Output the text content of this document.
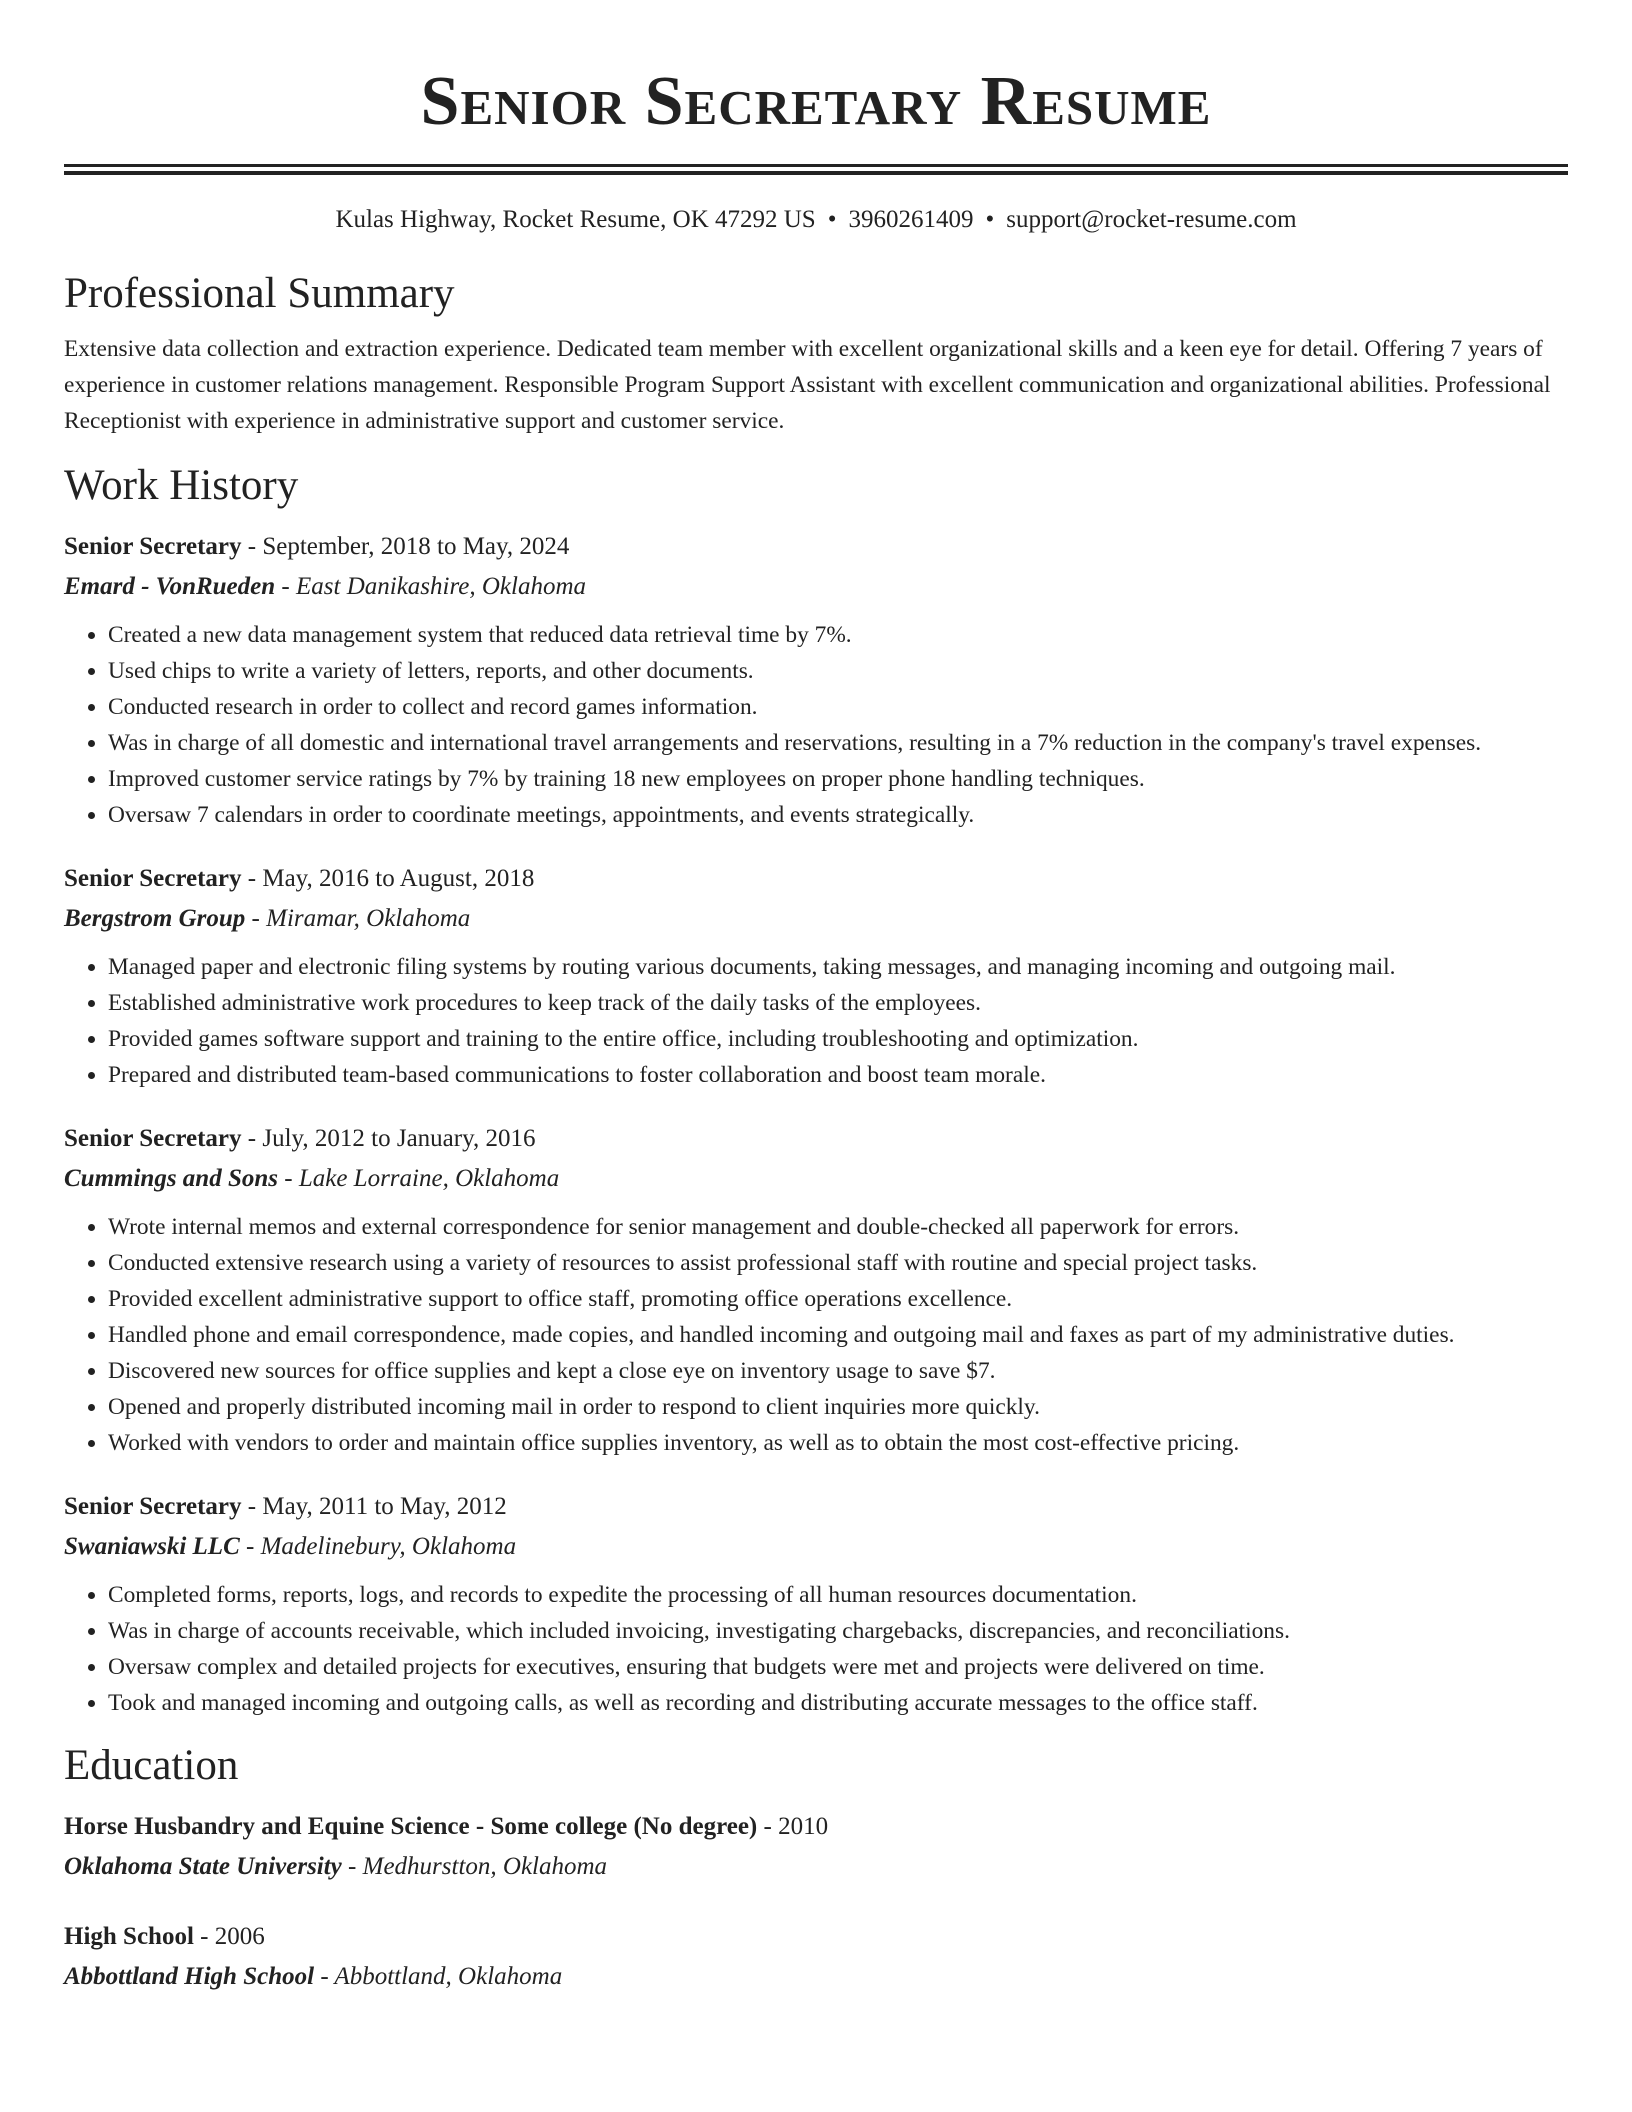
Senior Secretary Resume
Kulas Highway, Rocket Resume, OK 47292 US • 3960261409 • support@rocket-resume.com
Professional Summary
Extensive data collection and extraction experience. Dedicated team member with excellent organizational skills and a keen eye for detail. Offering 7 years of experience in customer relations management. Responsible Program Support Assistant with excellent communication and organizational abilities. Professional Receptionist with experience in administrative support and customer service.
Work History
Senior Secretary - September, 2018 to May, 2024
Emard - VonRueden - East Danikashire, Oklahoma
• Created a new data management system that reduced data retrieval time by 7%.
• Used chips to write a variety of letters, reports, and other documents.
• Conducted research in order to collect and record games information.
• Was in charge of all domestic and international travel arrangements and reservations, resulting in a 7% reduction in the company's travel expenses.
• Improved customer service ratings by 7% by training 18 new employees on proper phone handling techniques.
• Oversaw 7 calendars in order to coordinate meetings, appointments, and events strategically.
Senior Secretary - May, 2016 to August, 2018
Bergstrom Group - Miramar, Oklahoma
• Managed paper and electronic filing systems by routing various documents, taking messages, and managing incoming and outgoing mail.
• Established administrative work procedures to keep track of the daily tasks of the employees.
• Provided games software support and training to the entire office, including troubleshooting and optimization.
• Prepared and distributed team-based communications to foster collaboration and boost team morale.
Senior Secretary - July, 2012 to January, 2016
Cummings and Sons - Lake Lorraine, Oklahoma
• Wrote internal memos and external correspondence for senior management and double-checked all paperwork for errors.
• Conducted extensive research using a variety of resources to assist professional staff with routine and special project tasks.
• Provided excellent administrative support to office staff, promoting office operations excellence.
• Handled phone and email correspondence, made copies, and handled incoming and outgoing mail and faxes as part of my administrative duties.
• Discovered new sources for office supplies and kept a close eye on inventory usage to save $7.
• Opened and properly distributed incoming mail in order to respond to client inquiries more quickly.
• Worked with vendors to order and maintain office supplies inventory, as well as to obtain the most cost-effective pricing.
Senior Secretary - May, 2011 to May, 2012
Swaniawski LLC - Madelinebury, Oklahoma
• Completed forms, reports, logs, and records to expedite the processing of all human resources documentation.
• Was in charge of accounts receivable, which included invoicing, investigating chargebacks, discrepancies, and reconciliations.
• Oversaw complex and detailed projects for executives, ensuring that budgets were met and projects were delivered on time.
• Took and managed incoming and outgoing calls, as well as recording and distributing accurate messages to the office staff.
Education
Horse Husbandry and Equine Science - Some college (No degree) - 2010
Oklahoma State University - Medhurstton, Oklahoma
High School - 2006
Abbottland High School - Abbottland, Oklahoma
